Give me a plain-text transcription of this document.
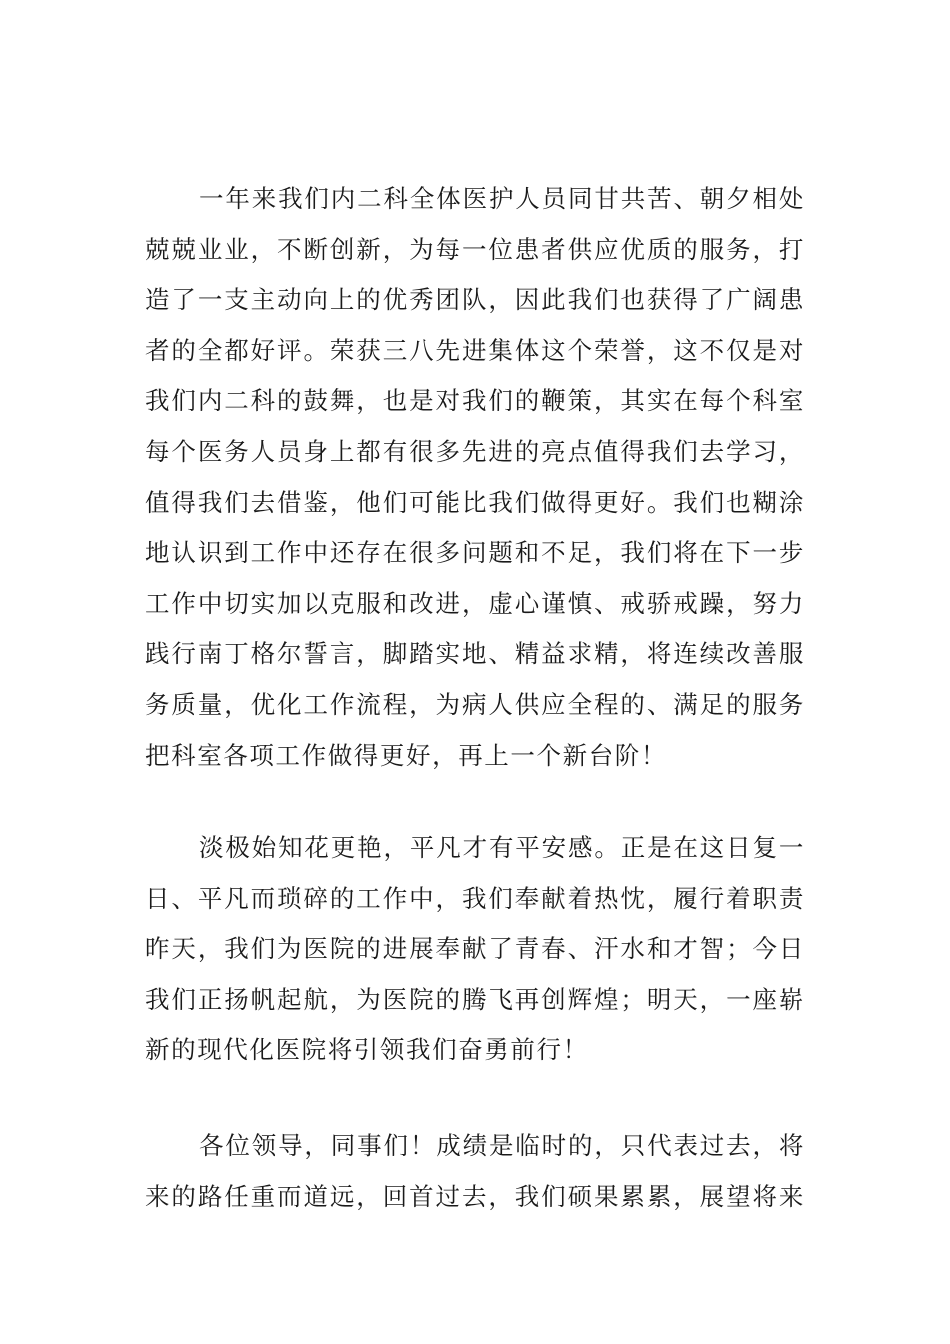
一年来我们内二科全体医护人员同甘共苦、朝夕相处
兢兢业业，不断创新，为每一位患者供应优质的服务，打
造了一支主动向上的优秀团队，因此我们也获得了广阔患
者的全都好评。荣获三八先进集体这个荣誉，这不仅是对
我们内二科的鼓舞，也是对我们的鞭策，其实在每个科室
每个医务人员身上都有很多先进的亮点值得我们去学习，
值得我们去借鉴，他们可能比我们做得更好。我们也糊涂
地认识到工作中还存在很多问题和不足，我们将在下一步
工作中切实加以克服和改进，虚心谨慎、戒骄戒躁，努力
践行南丁格尔誓言，脚踏实地、精益求精，将连续改善服
务质量，优化工作流程，为病人供应全程的、满足的服务
把科室各项工作做得更好，再上一个新台阶！

淡极始知花更艳，平凡才有平安感。正是在这日复一
日、平凡而琐碎的工作中，我们奉献着热忱，履行着职责
昨天，我们为医院的进展奉献了青春、汗水和才智；今日
我们正扬帆起航，为医院的腾飞再创辉煌；明天，一座崭
新的现代化医院将引领我们奋勇前行！

各位领导，同事们！成绩是临时的，只代表过去，将
来的路任重而道远，回首过去，我们硕果累累，展望将来
